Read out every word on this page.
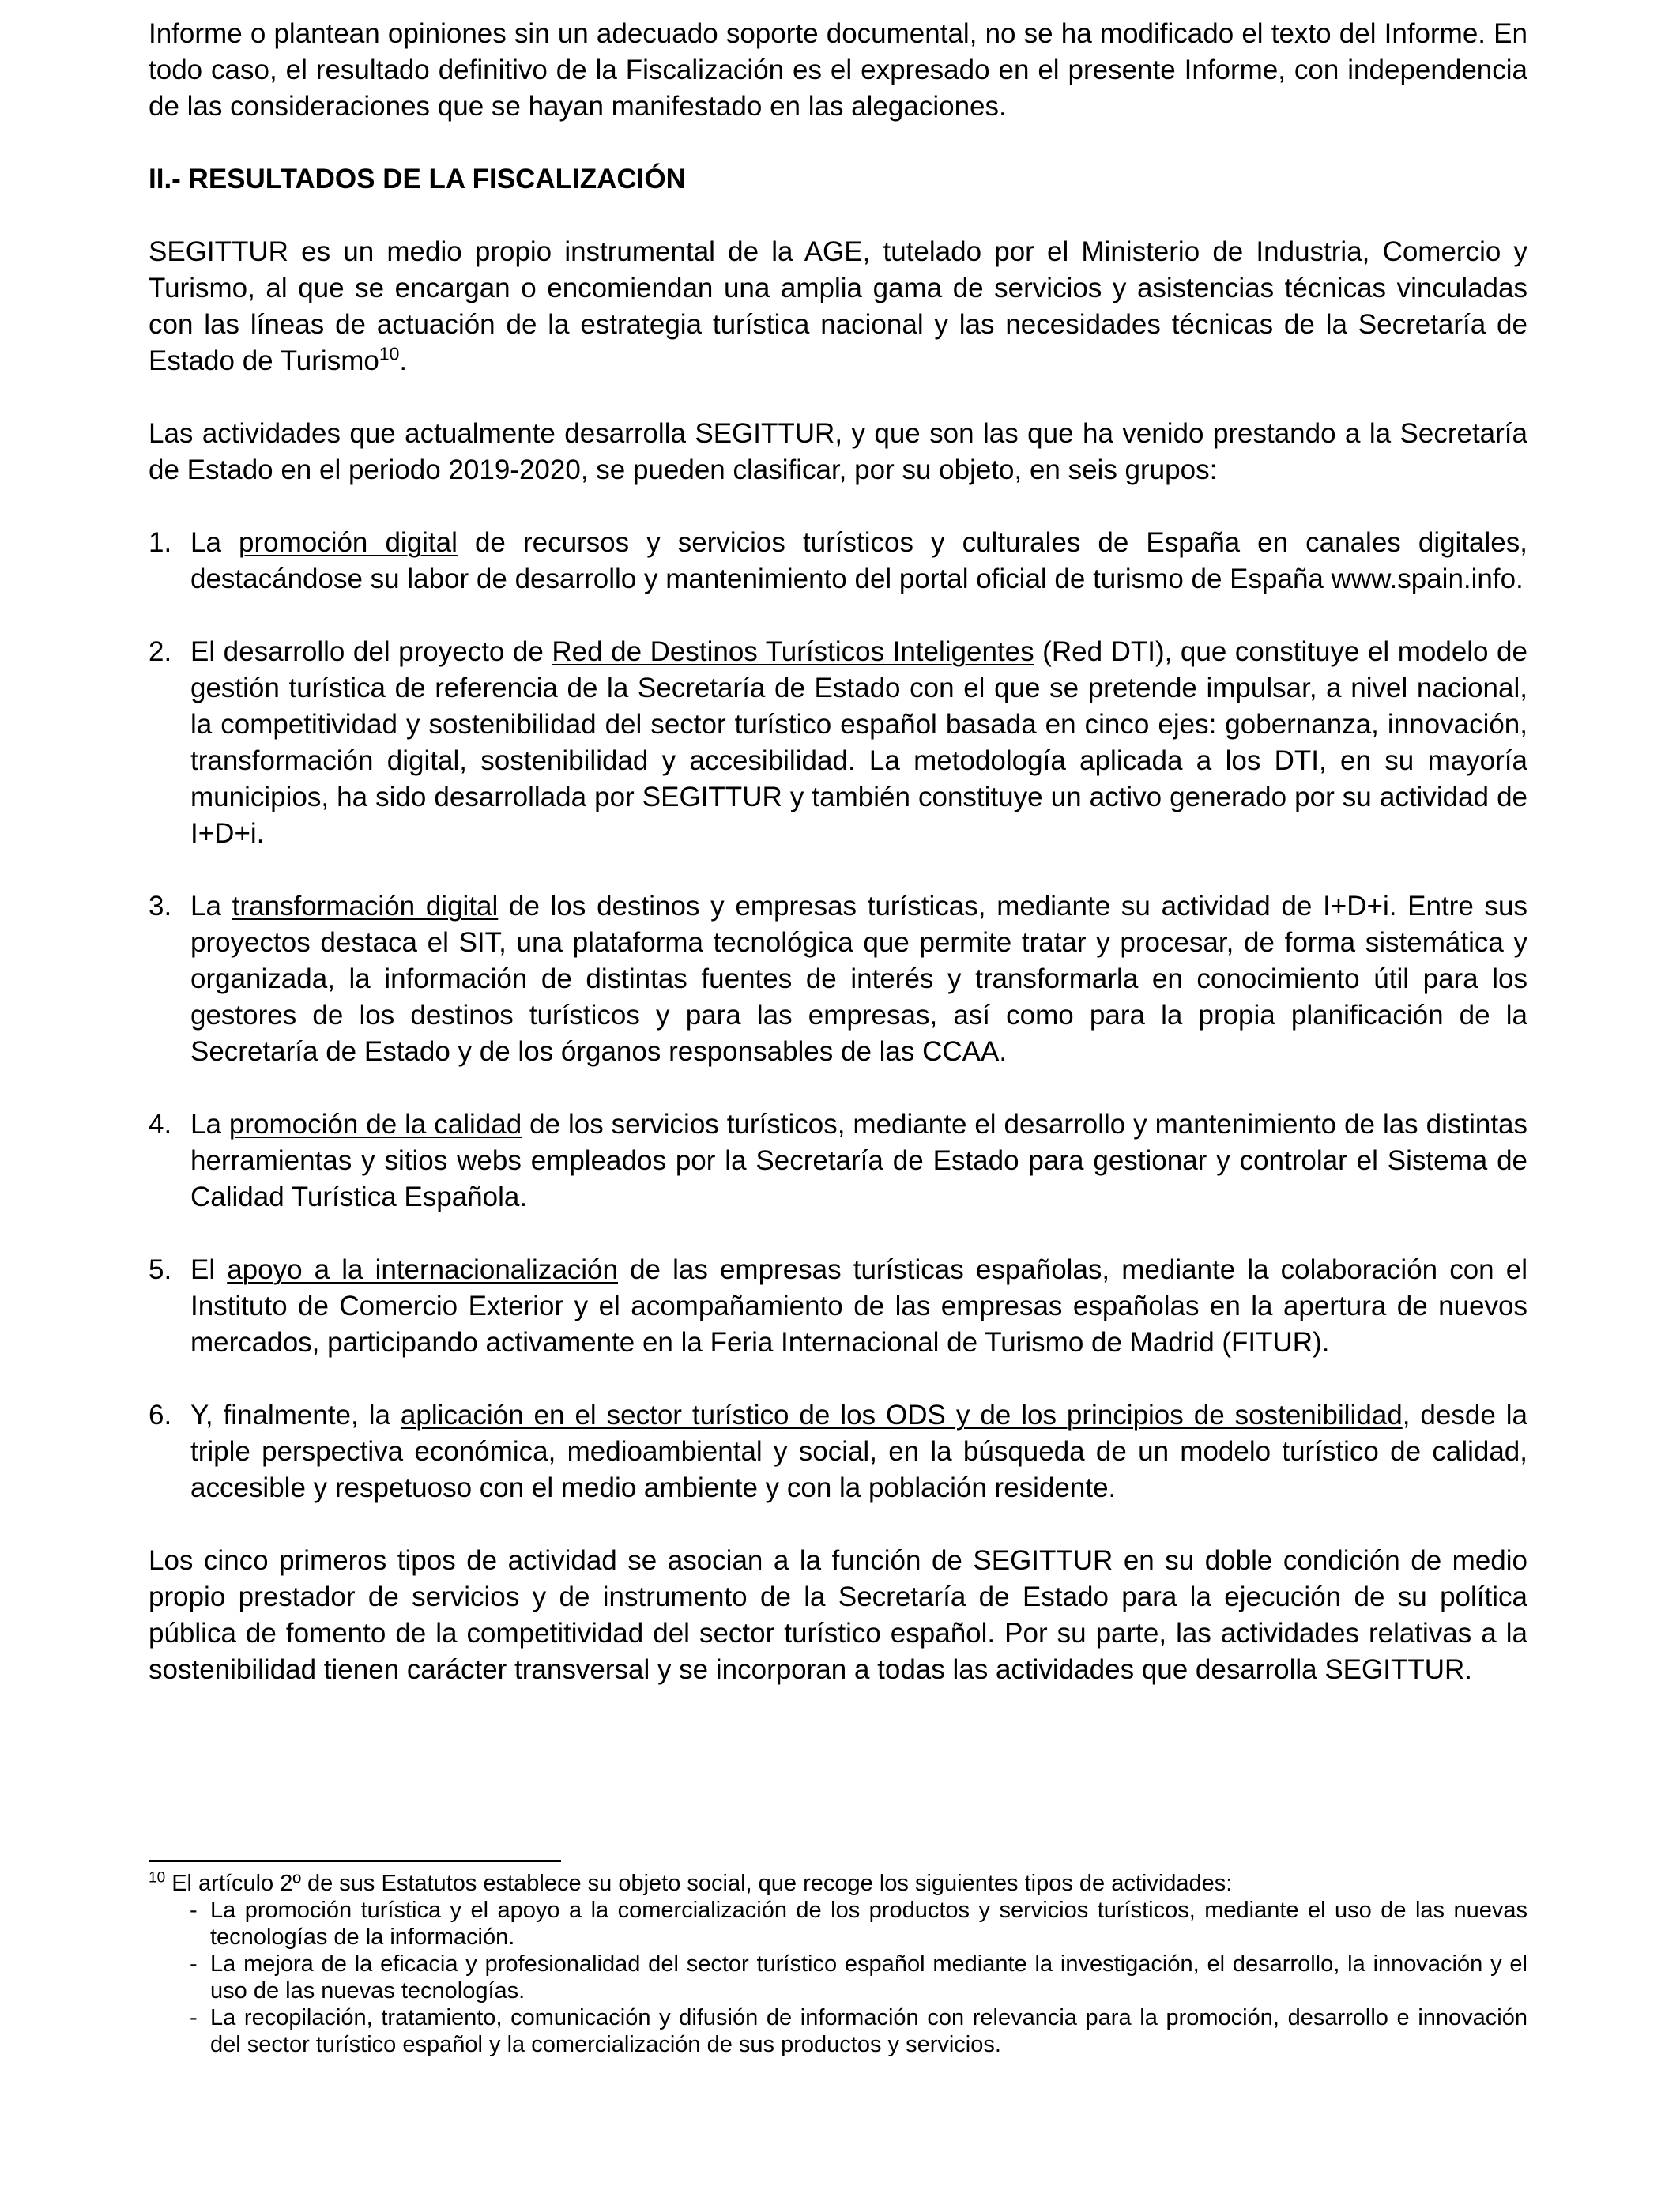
Informe o plantean opiniones sin un adecuado soporte documental, no se ha modificado el texto del Informe. En todo caso, el resultado definitivo de la Fiscalización es el expresado en el presente Informe, con independencia de las consideraciones que se hayan manifestado en las alegaciones.

II.- RESULTADOS DE LA FISCALIZACIÓN

SEGITTUR es un medio propio instrumental de la AGE, tutelado por el Ministerio de Industria, Comercio y Turismo, al que se encargan o encomiendan una amplia gama de servicios y asistencias técnicas vinculadas con las líneas de actuación de la estrategia turística nacional y las necesidades técnicas de la Secretaría de Estado de Turismo$^{10}$.

Las actividades que actualmente desarrolla SEGITTUR, y que son las que ha venido prestando a la Secretaría de Estado en el periodo 2019-2020, se pueden clasificar, por su objeto, en seis grupos:

1. La promoción digital de recursos y servicios turísticos y culturales de España en canales digitales, destacándose su labor de desarrollo y mantenimiento del portal oficial de turismo de España www.spain.info.
2. El desarrollo del proyecto de Red de Destinos Turísticos Inteligentes (Red DTI), que constituye el modelo de gestión turística de referencia de la Secretaría de Estado con el que se pretende impulsar, a nivel nacional, la competitividad y sostenibilidad del sector turístico español basada en cinco ejes: gobernanza, innovación, transformación digital, sostenibilidad y accesibilidad. La metodología aplicada a los DTI, en su mayoría municipios, ha sido desarrollada por SEGITTUR y también constituye un activo generado por su actividad de I+D+i.
3. La transformación digital de los destinos y empresas turísticas, mediante su actividad de I+D+i. Entre sus proyectos destaca el SIT, una plataforma tecnológica que permite tratar y procesar, de forma sistemática y organizada, la información de distintas fuentes de interés y transformarla en conocimiento útil para los gestores de los destinos turísticos y para las empresas, así como para la propia planificación de la Secretaría de Estado y de los órganos responsables de las CCAA.
4. La promoción de la calidad de los servicios turísticos, mediante el desarrollo y mantenimiento de las distintas herramientas y sitios webs empleados por la Secretaría de Estado para gestionar y controlar el Sistema de Calidad Turística Española.
5. El apoyo a la internacionalización de las empresas turísticas españolas, mediante la colaboración con el Instituto de Comercio Exterior y el acompañamiento de las empresas españolas en la apertura de nuevos mercados, participando activamente en la Feria Internacional de Turismo de Madrid (FITUR).
6. Y, finalmente, la aplicación en el sector turístico de los ODS y de los principios de sostenibilidad, desde la triple perspectiva económica, medioambiental y social, en la búsqueda de un modelo turístico de calidad, accesible y respetuoso con el medio ambiente y con la población residente.

Los cinco primeros tipos de actividad se asocian a la función de SEGITTUR en su doble condición de medio propio prestador de servicios y de instrumento de la Secretaría de Estado para la ejecución de su política pública de fomento de la competitividad del sector turístico español. Por su parte, las actividades relativas a la sostenibilidad tienen carácter transversal y se incorporan a todas las actividades que desarrolla SEGITTUR.

$^{10}$ El artículo 2º de sus Estatutos establece su objeto social, que recoge los siguientes tipos de actividades:
- La promoción turística y el apoyo a la comercialización de los productos y servicios turísticos, mediante el uso de las nuevas tecnologías de la información.
- La mejora de la eficacia y profesionalidad del sector turístico español mediante la investigación, el desarrollo, la innovación y el uso de las nuevas tecnologías.
- La recopilación, tratamiento, comunicación y difusión de información con relevancia para la promoción, desarrollo e innovación del sector turístico español y la comercialización de sus productos y servicios.
